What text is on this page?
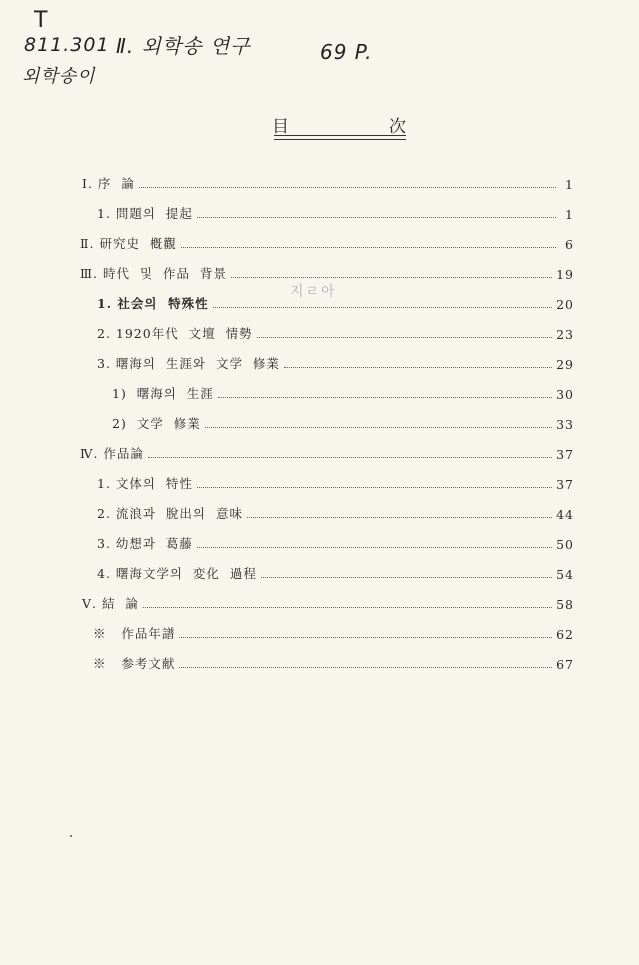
T
811.301
외학송이
Ⅱ. 외학송 연구	69 P.
目	次
지ㄹ아
Ⅰ. 序  論	1
1. 問題의  提起	1
Ⅱ. 研究史  槪觀	6
Ⅲ. 時代  및  作品  背景	19
1. 社会의  特殊性	20
2. 1920年代  文壇  情勢	23
3. 曙海의  生涯와  文学  修業	29
1)  曙海의  生涯	30
2)  文学  修業	33
Ⅳ. 作品論	37
1. 文体의  特性	37
2. 流浪과  脫出의  意味	44
3. 幼想과  葛藤	50
4. 曙海文学의  変化  過程	54
Ⅴ. 結  論	58
※   作品年譜	62
※   参考文献	67
